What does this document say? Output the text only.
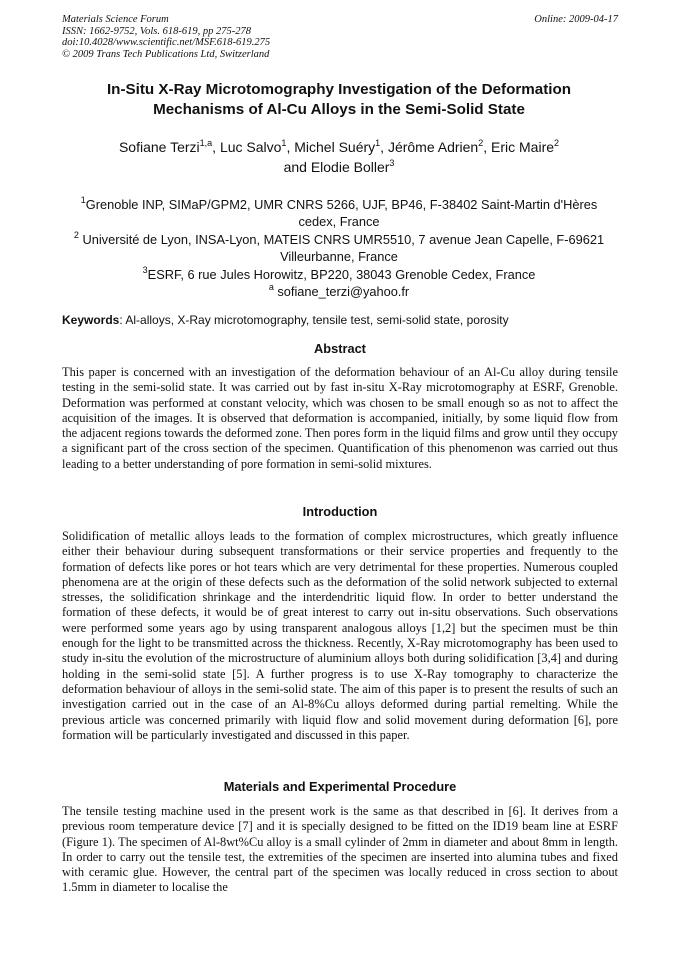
Materials Science Forum
ISSN: 1662-9752, Vols. 618-619, pp 275-278
doi:10.4028/www.scientific.net/MSF.618-619.275
© 2009 Trans Tech Publications Ltd, Switzerland
Online: 2009-04-17
In-Situ X-Ray Microtomography Investigation of the Deformation
Mechanisms of Al-Cu Alloys in the Semi-Solid State
Sofiane Terzi$^{1,a}$, Luc Salvo$^1$, Michel Suéry$^1$, Jérôme Adrien$^2$, Eric Maire$^2$
and Elodie Boller$^3$

$^1$Grenoble INP, SIMaP/GPM2, UMR CNRS 5266, UJF, BP46, F-38402 Saint-Martin d'Hères cedex, France

$^2$ Université de Lyon, INSA-Lyon, MATEIS CNRS UMR5510, 7 avenue Jean Capelle, F-69621 Villeurbanne, France

$^3$ESRF, 6 rue Jules Horowitz, BP220, 38043 Grenoble Cedex, France

$^a$ sofiane_terzi@yahoo.fr

Keywords: Al-alloys, X-Ray microtomography, tensile test, semi-solid state, porosity
Abstract

This paper is concerned with an investigation of the deformation behaviour of an Al-Cu alloy during tensile testing in the semi-solid state. It was carried out by fast in-situ X-Ray microtomography at ESRF, Grenoble. Deformation was performed at constant velocity, which was chosen to be small enough so as not to affect the acquisition of the images. It is observed that deformation is accompanied, initially, by some liquid flow from the adjacent regions towards the deformed zone. Then pores form in the liquid films and grow until they occupy a significant part of the cross section of the specimen. Quantification of this phenomenon was carried out thus leading to a better understanding of pore formation in semi-solid mixtures.

Introduction

Solidification of metallic alloys leads to the formation of complex microstructures, which greatly influence either their behaviour during subsequent transformations or their service properties and frequently to the formation of defects like pores or hot tears which are very detrimental for these properties. Numerous coupled phenomena are at the origin of these defects such as the deformation of the solid network subjected to external stresses, the solidification shrinkage and the interdendritic liquid flow. In order to better understand the formation of these defects, it would be of great interest to carry out in-situ observations. Such observations were performed some years ago by using transparent analogous alloys [1,2] but the specimen must be thin enough for the light to be transmitted across the thickness. Recently, X-Ray microtomography has been used to study in-situ the evolution of the microstructure of aluminium alloys both during solidification [3,4] and during holding in the semi-solid state [5]. A further progress is to use X-Ray tomography to characterize the deformation behaviour of alloys in the semi-solid state. The aim of this paper is to present the results of such an investigation carried out in the case of an Al-8%Cu alloys deformed during partial remelting. While the previous article was concerned primarily with liquid flow and solid movement during deformation [6], pore formation will be particularly investigated and discussed in this paper.

Materials and Experimental Procedure

The tensile testing machine used in the present work is the same as that described in [6]. It derives from a previous room temperature device [7] and it is specially designed to be fitted on the ID19 beam line at ESRF (Figure 1). The specimen of Al-8wt%Cu alloy is a small cylinder of 2mm in diameter and about 8mm in length. In order to carry out the tensile test, the extremities of the specimen are inserted into alumina tubes and fixed with ceramic glue. However, the central part of the specimen was locally reduced in cross section to about 1.5mm in diameter to localise the
